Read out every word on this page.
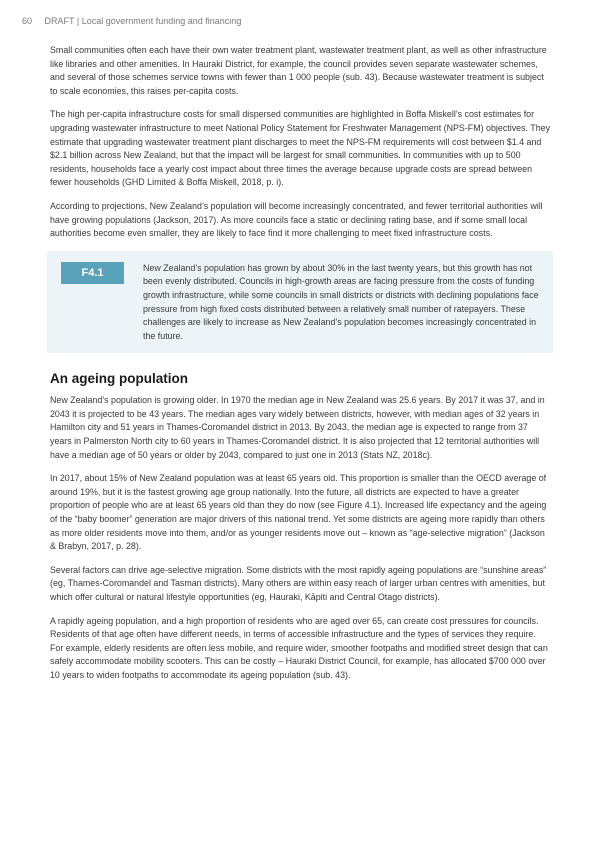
60 DRAFT | Local government funding and financing

Small communities often each have their own water treatment plant, wastewater treatment plant, as well as other infrastructure like libraries and other amenities. In Hauraki District, for example, the council provides seven separate wastewater schemes, and several of those schemes service towns with fewer than 1 000 people (sub. 43). Because wastewater treatment is subject to scale economies, this raises per-capita costs.

The high per-capita infrastructure costs for small dispersed communities are highlighted in Boffa Miskell’s cost estimates for upgrading wastewater infrastructure to meet National Policy Statement for Freshwater Management (NPS-FM) objectives. They estimate that upgrading wastewater treatment plant discharges to meet the NPS-FM requirements will cost between $1.4 and $2.1 billion across New Zealand, but that the impact will be largest for small communities. In communities with up to 500 residents, households face a yearly cost impact about three times the average because upgrade costs are spread between fewer households (GHD Limited & Boffa Miskell, 2018, p. i).

According to projections, New Zealand’s population will become increasingly concentrated, and fewer territorial authorities will have growing populations (Jackson, 2017). As more councils face a static or declining rating base, and if some small local authorities become even smaller, they are likely to face find it more challenging to meet fixed infrastructure costs.

F4.1	New Zealand’s population has grown by about 30% in the last twenty years, but this growth has not been evenly distributed. Councils in high-growth areas are facing pressure from the costs of funding growth infrastructure, while some councils in small districts or districts with declining populations face pressure from high fixed costs distributed between a relatively small number of ratepayers. These challenges are likely to increase as New Zealand’s population becomes increasingly concentrated in the future.
An ageing population

New Zealand’s population is growing older. In 1970 the median age in New Zealand was 25.6 years. By 2017 it was 37, and in 2043 it is projected to be 43 years. The median ages vary widely between districts, however, with median ages of 32 years in Hamilton city and 51 years in Thames-Coromandel district in 2013. By 2043, the median age is expected to range from 37 years in Palmerston North city to 60 years in Thames-Coromandel district. It is also projected that 12 territorial authorities will have a median age of 50 years or older by 2043, compared to just one in 2013 (Stats NZ, 2018c).

In 2017, about 15% of New Zealand population was at least 65 years old. This proportion is smaller than the OECD average of around 19%, but it is the fastest growing age group nationally. Into the future, all districts are expected to have a greater proportion of people who are at least 65 years old than they do now (see Figure 4.1). Increased life expectancy and the ageing of the “baby boomer” generation are major drivers of this national trend. Yet some districts are ageing more rapidly than others as more older residents move into them, and/or as younger residents move out – known as “age-selective migration” (Jackson & Brabyn, 2017, p. 28).

Several factors can drive age-selective migration. Some districts with the most rapidly ageing populations are “sunshine areas” (eg, Thames-Coromandel and Tasman districts). Many others are within easy reach of larger urban centres with amenities, but which offer cultural or natural lifestyle opportunities (eg, Hauraki, Kāpiti and Central Otago districts).

A rapidly ageing population, and a high proportion of residents who are aged over 65, can create cost pressures for councils. Residents of that age often have different needs, in terms of accessible infrastructure and the types of services they require. For example, elderly residents are often less mobile, and require wider, smoother footpaths and modified street design that can safely accommodate mobility scooters. This can be costly – Hauraki District Council, for example, has allocated $700 000 over 10 years to widen footpaths to accommodate its ageing population (sub. 43).
